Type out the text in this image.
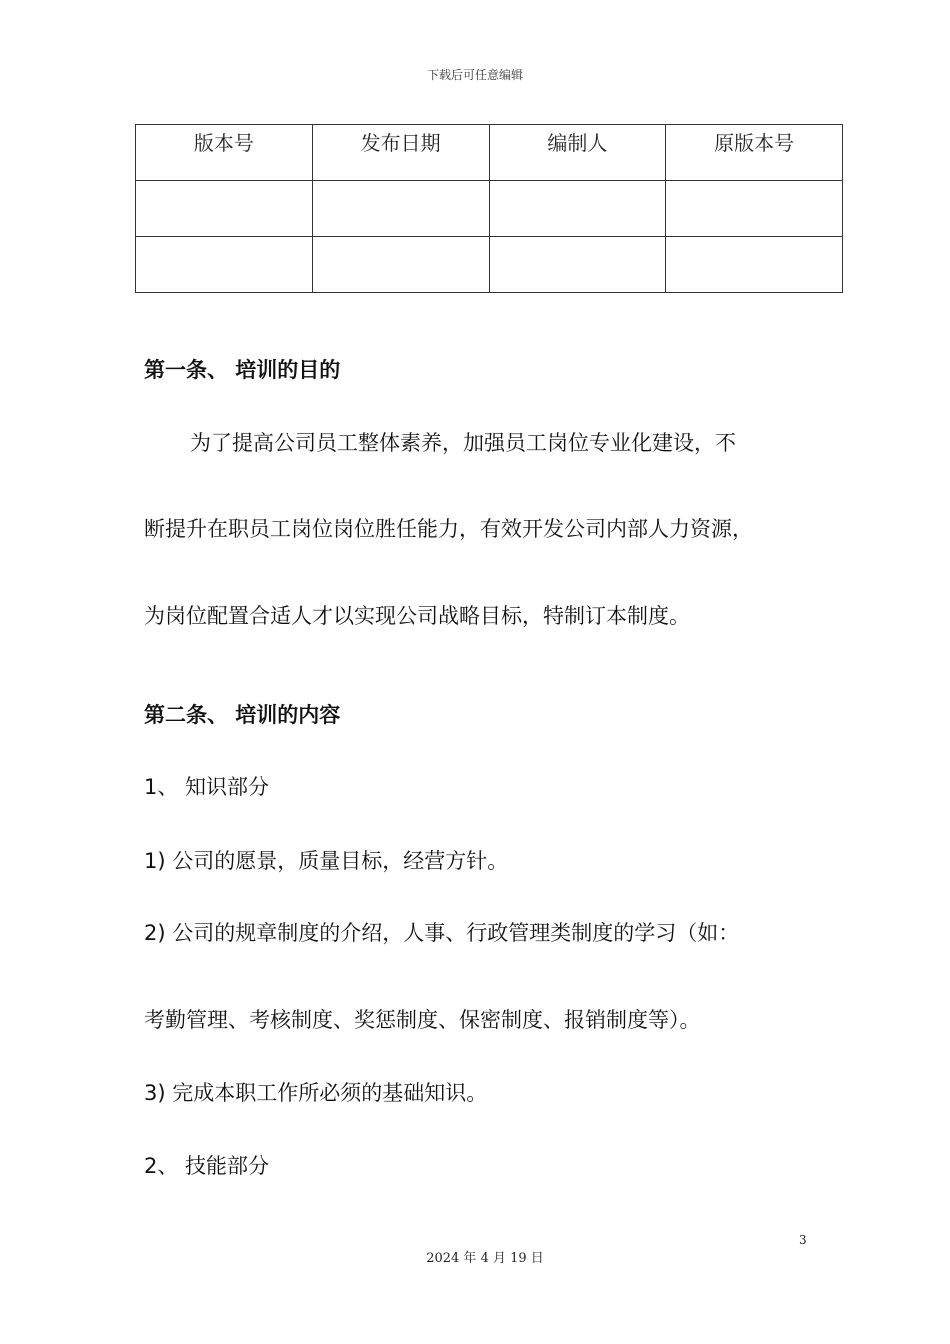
下载后可任意编辑
版本号	发布日期	编制人	原版本号

第一条、 培训的目的
为了提高公司员工整体素养，加强员工岗位专业化建设，不
断提升在职员工岗位岗位胜任能力，有效开发公司内部人力资源，
为岗位配置合适人才以实现公司战略目标，特制订本制度。
第二条、 培训的内容
1、 知识部分
1) 公司的愿景，质量目标，经营方针。
2) 公司的规章制度的介绍，人事、行政管理类制度的学习（如：
考勤管理、考核制度、奖惩制度、保密制度、报销制度等）。
3) 完成本职工作所必须的基础知识。
2、 技能部分
3
2024 年 4 月 19 日
